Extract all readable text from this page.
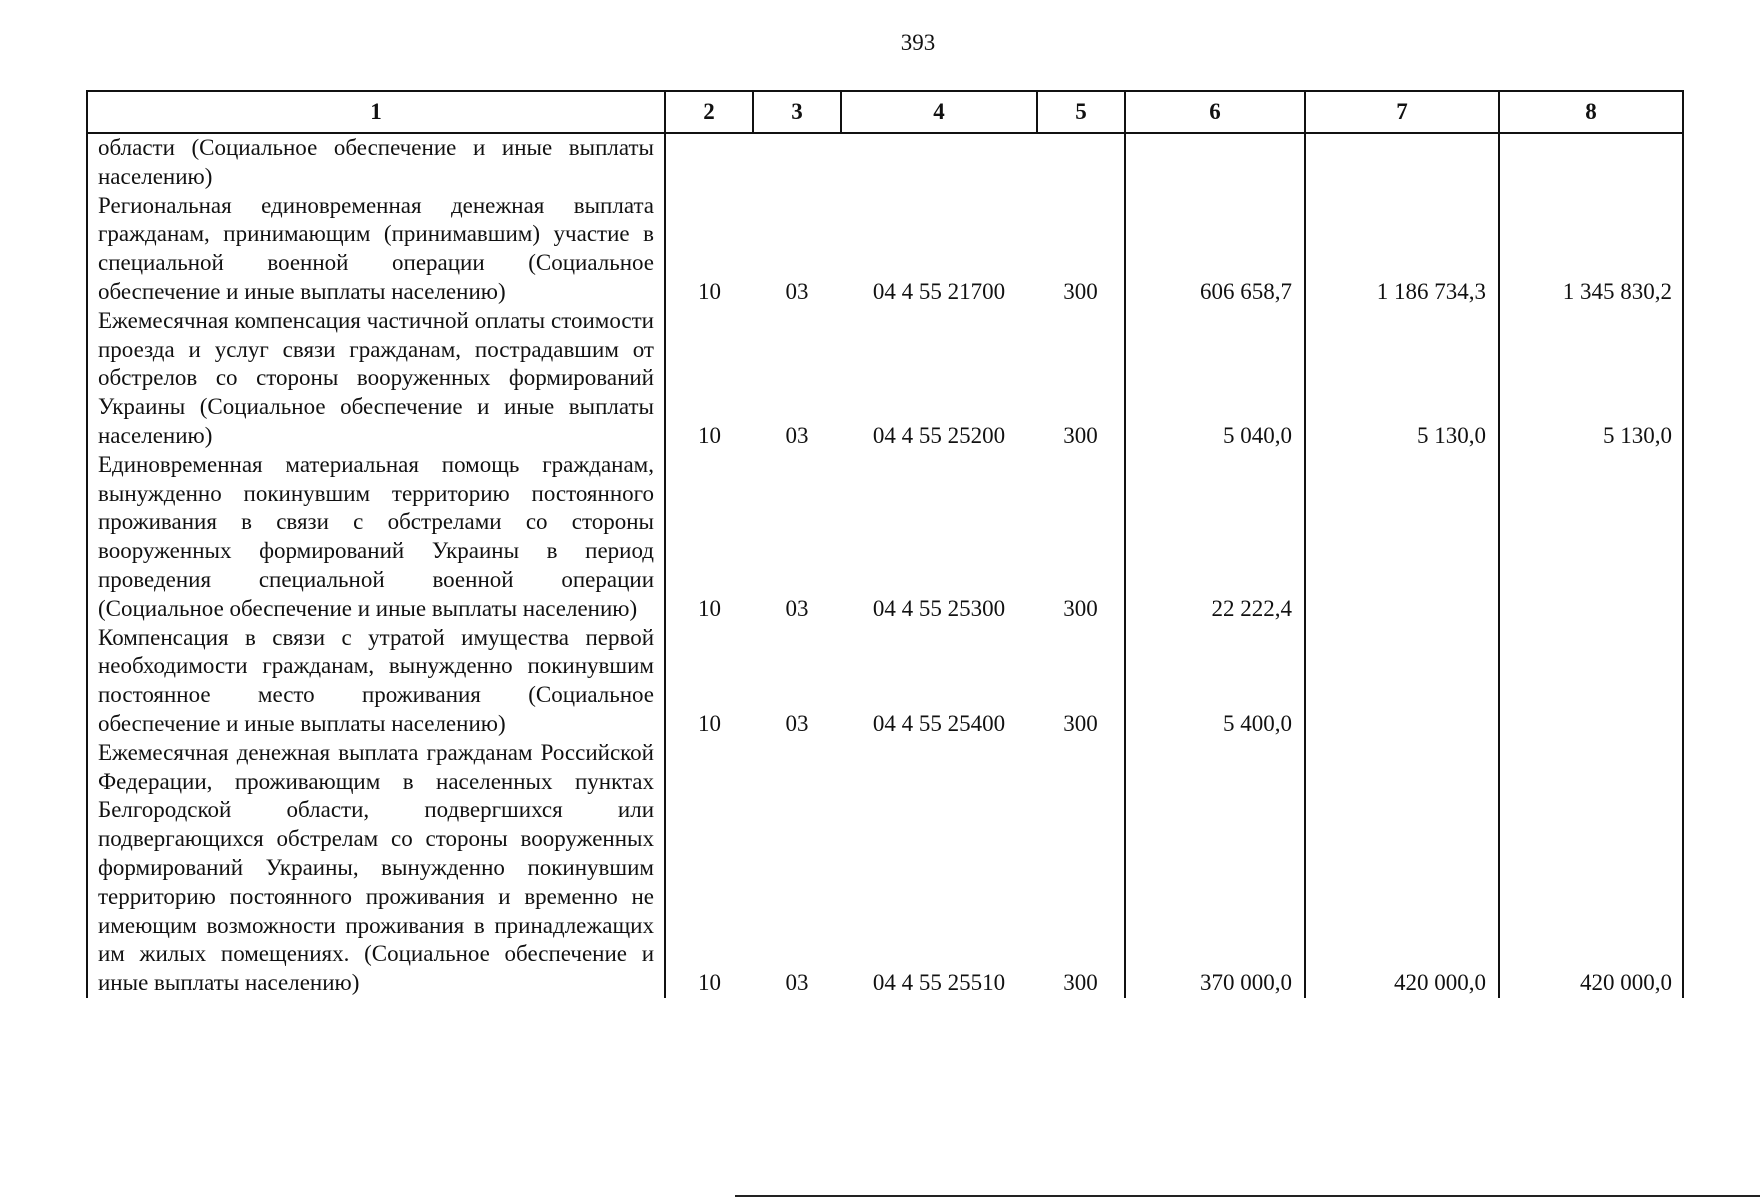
393
1	2	3	4	5	6	7	8
области (Социальное обеспечение и иные выплаты населению)							
Региональная единовременная денежная выплата гражданам, принимающим (принимавшим) участие в специальной военной операции (Социальное обеспечение и иные выплаты населению)	10	03	04 4 55 21700	300	606 658,7	1 186 734,3	1 345 830,2
Ежемесячная компенсация частичной оплаты стоимости проезда и услуг связи гражданам, пострадавшим от обстрелов со стороны вооруженных формирований Украины (Социальное обеспечение и иные выплаты населению)	10	03	04 4 55 25200	300	5 040,0	5 130,0	5 130,0
Единовременная материальная помощь гражданам, вынужденно покинувшим территорию постоянного проживания в связи с обстрелами со стороны вооруженных формирований Украины в период проведения специальной военной операции (Социальное обеспечение и иные выплаты населению)	10	03	04 4 55 25300	300	22 222,4		
Компенсация в связи с утратой имущества первой необходимости гражданам, вынужденно покинувшим постоянное место проживания (Социальное обеспечение и иные выплаты населению)	10	03	04 4 55 25400	300	5 400,0		
Ежемесячная денежная выплата гражданам Российской Федерации, проживающим в населенных пунктах Белгородской области, подвергшихся или подвергающихся обстрелам со стороны вооруженных формирований Украины, вынужденно покинувшим территорию постоянного проживания и временно не имеющим возможности проживания в принадлежащих им жилых помещениях. (Социальное обеспечение и иные выплаты населению)	10	03	04 4 55 25510	300	370 000,0	420 000,0	420 000,0
